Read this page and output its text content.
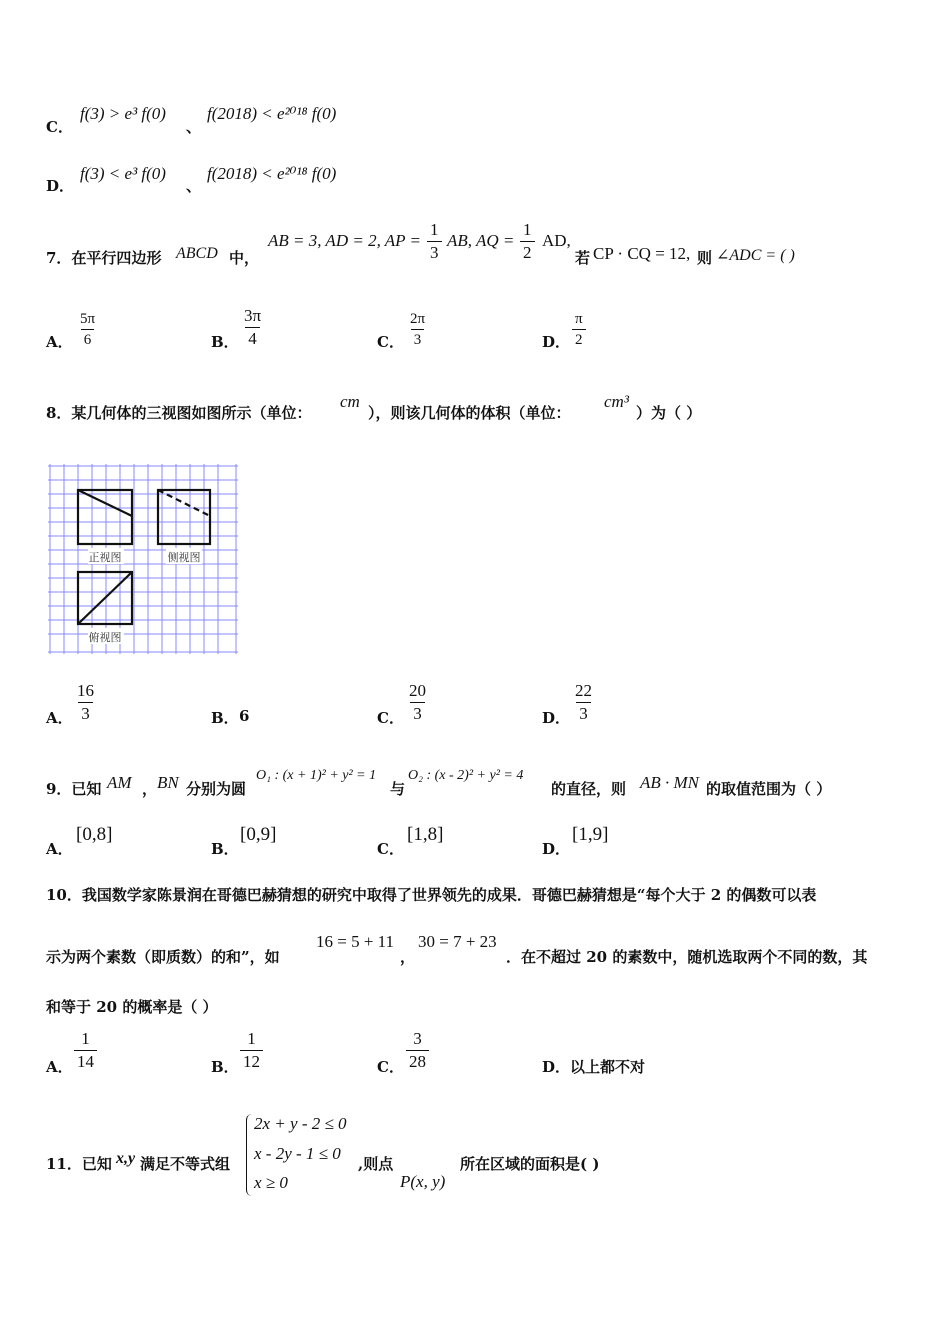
C．
f(3) > e³ f(0)
、
f(2018) < e²⁰¹⁸ f(0)
D．
f(3) < e³ f(0)
、
f(2018) < e²⁰¹⁸ f(0)
7．在平行四边形 ABCD 中，
AB = 3, AD = 2, AP = $\frac{1}{3}$ AB, AQ = $\frac{1}{2}$ AD,
若 CP · CQ = 12, 则 ∠ADC = ( )
A． $\frac{5\pi}{6}$	B． $\frac{3\pi}{4}$	C． $\frac{2\pi}{3}$	D． $\frac{\pi}{2}$
8．某几何体的三视图如图所示（单位：
cm
），则该几何体的体积（单位：
cm³
）为（ ）
正视图	侧视图
俯视图
A． $\frac{16}{3}$	B． 6	C． $\frac{20}{3}$	D． $\frac{22}{3}$
9．已知 AM ， BN 分别为圆
O₁ : (x + 1)² + y² = 1
与
O₂ : (x - 2)² + y² = 4
的直径，则 AB · MN 的取值范围为（ ）
A．
[0,8]
B．
[0,9]
C．
[1,8]
D．
[1,9]
10．我国数学家陈景润在哥德巴赫猜想的研究中取得了世界领先的成果．哥德巴赫猜想是“每个大于 2 的偶数可以表
示为两个素数（即质数）的和”，如
16 = 5 + 11
，
30 = 7 + 23
．在不超过 20 的素数中，随机选取两个不同的数，其
和等于 20 的概率是（ ）
A． $\frac{1}{14}$	B． $\frac{1}{12}$	C． $\frac{3}{28}$	D． 以上都不对
11．已知 x,y 满足不等式组
2x + y - 2 ≤ 0
x - 2y - 1 ≤ 0
x ≥ 0
,则点
P(x, y)
所在区域的面积是( )
